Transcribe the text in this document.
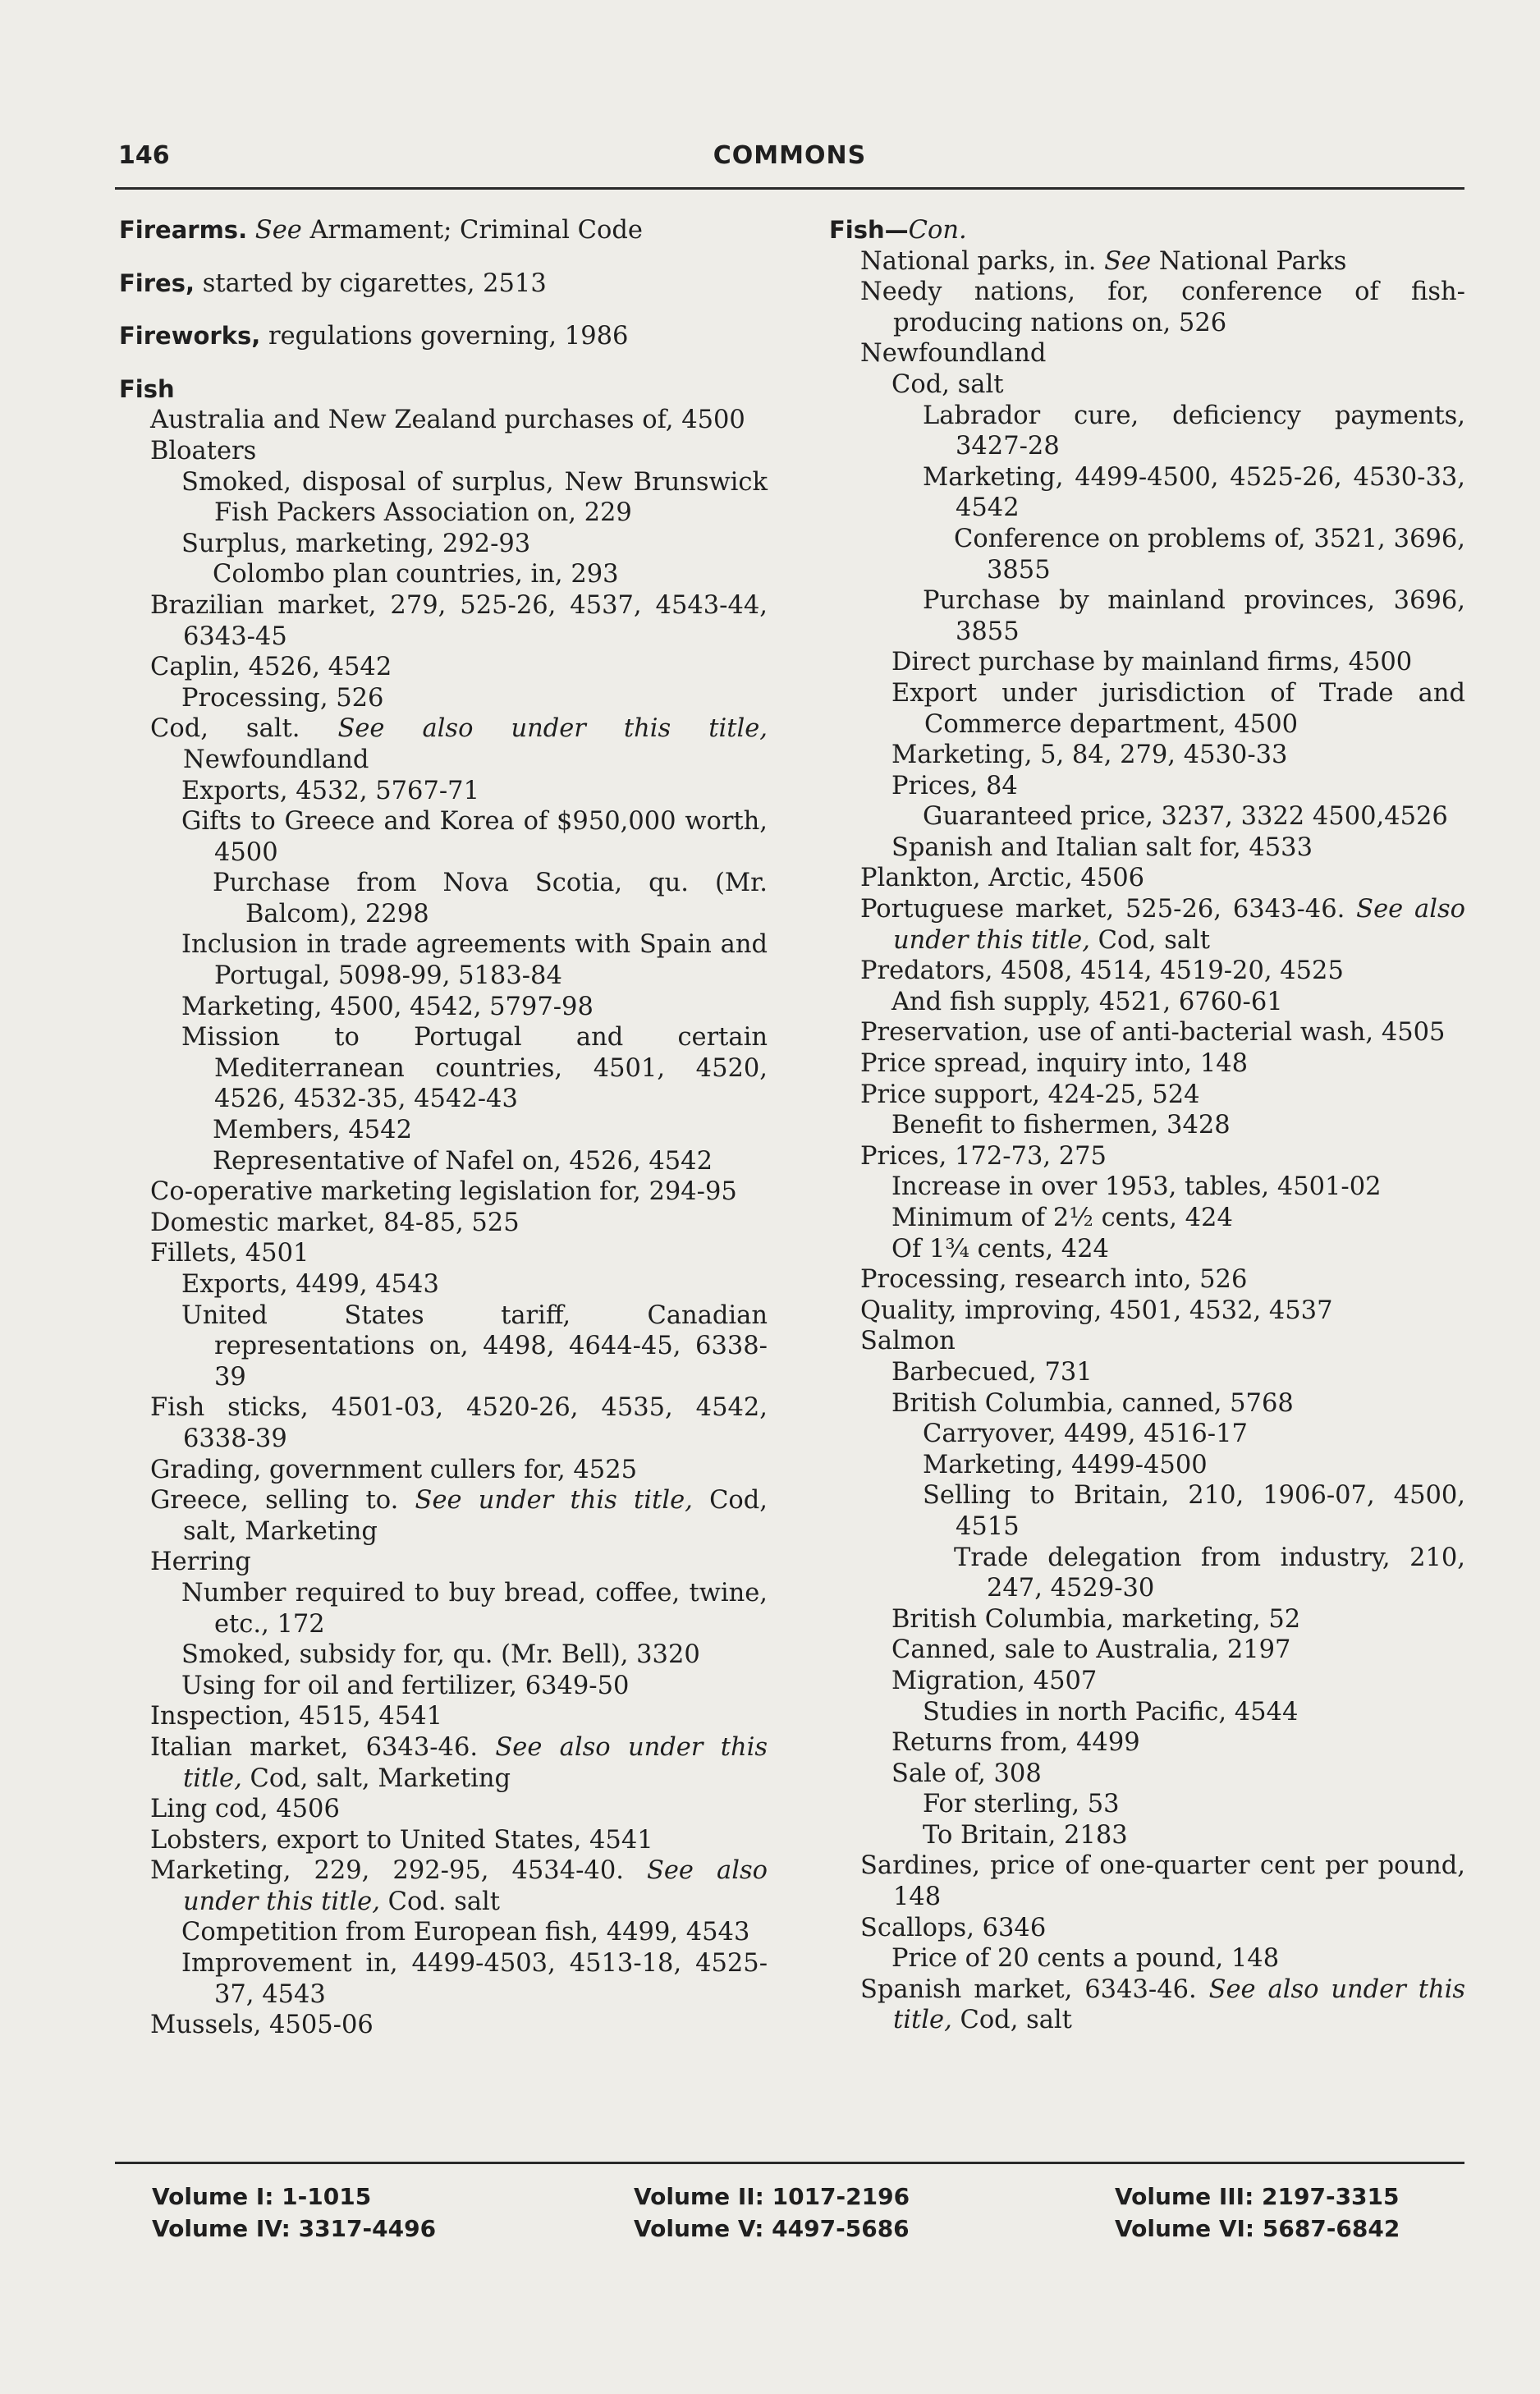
146	COMMONS
Firearms. See Armament; Criminal Code
Fires, started by cigarettes, 2513
Fireworks, regulations governing, 1986
Fish
Australia and New Zealand purchases of, 4500
Bloaters
Smoked, disposal of surplus, New Brunswick Fish Packers Association on, 229
Surplus, marketing, 292-93
Colombo plan countries, in, 293
Brazilian market, 279, 525-26, 4537, 4543-44, 6343-45
Caplin, 4526, 4542
Processing, 526
Cod, salt. See also under this title, Newfoundland
Exports, 4532, 5767-71
Gifts to Greece and Korea of $950,000 worth, 4500
Purchase from Nova Scotia, qu. (Mr. Balcom), 2298
Inclusion in trade agreements with Spain and Portugal, 5098-99, 5183-84
Marketing, 4500, 4542, 5797-98
Mission to Portugal and certain Mediterranean countries, 4501, 4520, 4526, 4532-35, 4542-43
Members, 4542
Representative of Nafel on, 4526, 4542
Co-operative marketing legislation for, 294-95
Domestic market, 84-85, 525
Fillets, 4501
Exports, 4499, 4543
United States tariff, Canadian representations on, 4498, 4644-45, 6338-39
Fish sticks, 4501-03, 4520-26, 4535, 4542, 6338-39
Grading, government cullers for, 4525
Greece, selling to. See under this title, Cod, salt, Marketing
Herring
Number required to buy bread, coffee, twine, etc., 172
Smoked, subsidy for, qu. (Mr. Bell), 3320
Using for oil and fertilizer, 6349-50
Inspection, 4515, 4541
Italian market, 6343-46. See also under this title, Cod, salt, Marketing
Ling cod, 4506
Lobsters, export to United States, 4541
Marketing, 229, 292-95, 4534-40. See also under this title, Cod. salt
Competition from European fish, 4499, 4543
Improvement in, 4499-4503, 4513-18, 4525-37, 4543
Mussels, 4505-06
Fish—Con.
National parks, in. See National Parks
Needy nations, for, conference of fish-producing nations on, 526
Newfoundland
Cod, salt
Labrador cure, deficiency payments, 3427-28
Marketing, 4499-4500, 4525-26, 4530-33, 4542
Conference on problems of, 3521, 3696, 3855
Purchase by mainland provinces, 3696, 3855
Direct purchase by mainland firms, 4500
Export under jurisdiction of Trade and Commerce department, 4500
Marketing, 5, 84, 279, 4530-33
Prices, 84
Guaranteed price, 3237, 3322 4500,4526
Spanish and Italian salt for, 4533
Plankton, Arctic, 4506
Portuguese market, 525-26, 6343-46. See also under this title, Cod, salt
Predators, 4508, 4514, 4519-20, 4525
And fish supply, 4521, 6760-61
Preservation, use of anti-bacterial wash, 4505
Price spread, inquiry into, 148
Price support, 424-25, 524
Benefit to fishermen, 3428
Prices, 172-73, 275
Increase in over 1953, tables, 4501-02
Minimum of 2½ cents, 424
Of 1¾ cents, 424
Processing, research into, 526
Quality, improving, 4501, 4532, 4537
Salmon
Barbecued, 731
British Columbia, canned, 5768
Carryover, 4499, 4516-17
Marketing, 4499-4500
Selling to Britain, 210, 1906-07, 4500, 4515
Trade delegation from industry, 210, 247, 4529-30
British Columbia, marketing, 52
Canned, sale to Australia, 2197
Migration, 4507
Studies in north Pacific, 4544
Returns from, 4499
Sale of, 308
For sterling, 53
To Britain, 2183
Sardines, price of one-quarter cent per pound, 148
Scallops, 6346
Price of 20 cents a pound, 148
Spanish market, 6343-46. See also under this title, Cod, salt
Volume I: 1-1015	Volume II: 1017-2196	Volume III: 2197-3315
Volume IV: 3317-4496	Volume V: 4497-5686	Volume VI: 5687-6842
